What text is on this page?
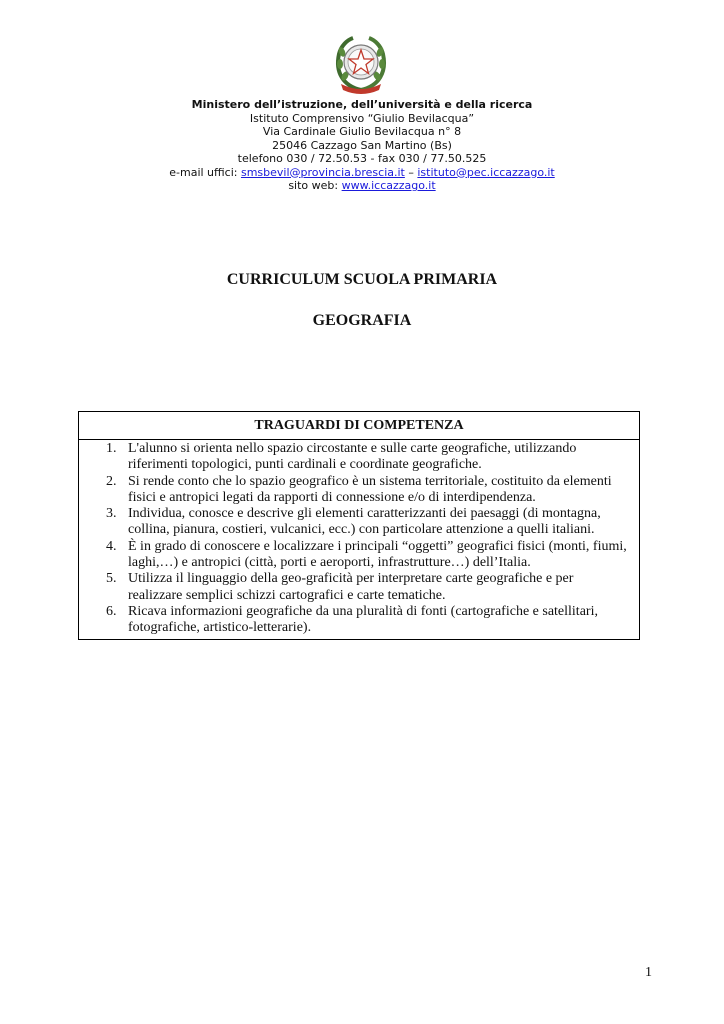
Ministero dell’istruzione, dell’università e della ricerca
Istituto Comprensivo “Giulio Bevilacqua”
Via Cardinale Giulio Bevilacqua n° 8
25046 Cazzago San Martino (Bs)
telefono 030 / 72.50.53 - fax 030 / 77.50.525
e-mail uffici: smsbevil@provincia.brescia.it – istituto@pec.iccazzago.it
sito web: www.iccazzago.it
CURRICULUM SCUOLA PRIMARIA
GEOGRAFIA
TRAGUARDI DI COMPETENZA
1. L'alunno si orienta nello spazio circostante e sulle carte geografiche, utilizzando riferimenti topologici, punti cardinali e coordinate geografiche.
2. Si rende conto che lo spazio geografico è un sistema territoriale, costituito da elementi fisici e antropici legati da rapporti di connessione e/o di interdipendenza.
3. Individua, conosce e descrive gli elementi caratterizzanti dei paesaggi (di montagna, collina, pianura, costieri, vulcanici, ecc.) con particolare attenzione a quelli italiani.
4. È in grado di conoscere e localizzare i principali “oggetti” geografici fisici (monti, fiumi, laghi,…) e antropici (città, porti e aeroporti, infrastrutture…) dell’Italia.
5. Utilizza il linguaggio della geo-graficità per interpretare carte geografiche e per realizzare semplici schizzi cartografici e carte tematiche.
6. Ricava informazioni geografiche da una pluralità di fonti (cartografiche e satellitari, fotografiche, artistico-letterarie).
1
